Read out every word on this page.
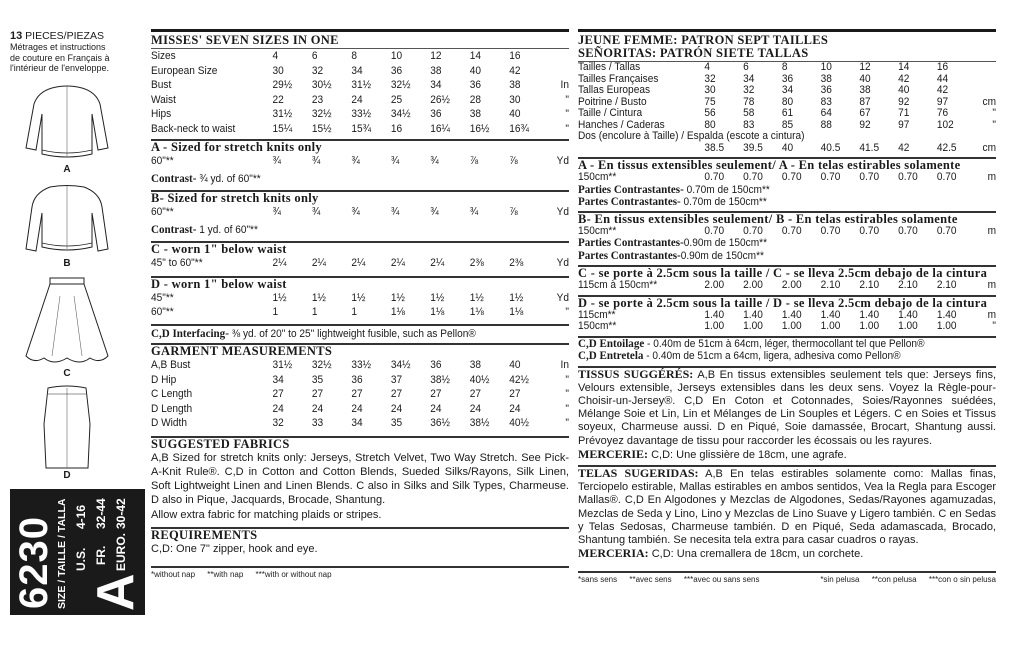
13 PIECES/PIEZAS
Métrages et instructions
de couture en Français à
l'intérieur de l'enveloppe.
A
B
C
D
6230 SIZE / TAILLE / TALLA A
U.S.
4-16
FR.
32-44
EURO.
30-42
MISSES' SEVEN SIZES IN ONE
Sizes	4	6	8	10	12	14	16	
European Size	30	32	34	36	38	40	42	
Bust	29½	30½	31½	32½	34	36	38	In
Waist	22	23	24	25	26½	28	30	"
Hips	31½	32½	33½	34½	36	38	40	"
Back-neck to waist	15¼	15½	15¾	16	16¼	16½	16¾	"
A - Sized for stretch knits only
60"**	¾	¾	¾	¾	¾	⅞	⅞	Yd
Contrast- ¾ yd. of 60"**
B- Sized for stretch knits only
60"**	¾	¾	¾	¾	¾	¾	⅞	Yd
Contrast- 1 yd. of 60"**
C - worn 1" below waist
45" to 60"**	2¼	2¼	2¼	2¼	2¼	2⅜	2⅜	Yd
D - worn 1" below waist
45"**	1½	1½	1½	1½	1½	1½	1½	Yd
60"**	1	1	1	1⅛	1⅛	1⅛	1⅛	"
C,D Interfacing- ⅜ yd. of 20" to 25" lightweight fusible, such as Pellon®
GARMENT MEASUREMENTS
A,B Bust	31½	32½	33½	34½	36	38	40	In
D Hip	34	35	36	37	38½	40½	42½	"
C Length	27	27	27	27	27	27	27	"
D Length	24	24	24	24	24	24	24	"
D Width	32	33	34	35	36½	38½	40½	"
SUGGESTED FABRICS
A,B Sized for stretch knits only: Jerseys, Stretch Velvet, Two Way Stretch. See Pick-A-Knit Rule®. C,D in Cotton and Cotton Blends, Sueded Silks/Rayons, Silk Linen, Soft Lightweight Linen and Linen Blends. C also in Silks and Silk Types, Charmeuse. D also in Pique, Jacquards, Brocade, Shantung.
Allow extra fabric for matching plaids or stripes.
REQUIREMENTS
C,D: One 7" zipper, hook and eye.
*without nap **with nap ***with or without nap
JEUNE FEMME: PATRON SEPT TAILLES
SEÑORITAS: PATRÓN SIETE TALLAS
Tailles / Tallas	4	6	8	10	12	14	16	
Tailles Françaises	32	34	36	38	40	42	44	
Tallas Europeas	30	32	34	36	38	40	42	
Poitrine / Busto	75	78	80	83	87	92	97	cm
Taille / Cintura	56	58	61	64	67	71	76	"
Hanches / Caderas	80	83	85	88	92	97	102	"
Dos (encolure à Taille) / Espalda (escote a cintura)
	38.5	39.5	40	40.5	41.5	42	42.5	cm
A - En tissus extensibles seulement/ A - En telas estirables solamente
150cm**	0.70	0.70	0.70	0.70	0.70	0.70	0.70	m
Parties Contrastantes- 0.70m de 150cm**
Partes Contrastantes- 0.70m de 150cm**
B- En tissus extensibles seulement/ B - En telas estirables solamente
150cm**	0.70	0.70	0.70	0.70	0.70	0.70	0.70	m
Parties Contrastantes-0.90m de 150cm**
Partes Contrastantes-0.90m de 150cm**
C - se porte à 2.5cm sous la taille / C - se lleva 2.5cm debajo de la cintura
115cm à 150cm**	2.00	2.00	2.00	2.10	2.10	2.10	2.10	m
D - se porte à 2.5cm sous la taille / D - se lleva 2.5cm debajo de la cintura
115cm**	1.40	1.40	1.40	1.40	1.40	1.40	1.40	m
150cm**	1.00	1.00	1.00	1.00	1.00	1.00	1.00	"
C,D Entoilage - 0.40m de 51cm à 64cm, léger, thermocollant tel que Pellon®
C,D Entretela - 0.40m de 51cm a 64cm, ligera, adhesiva como Pellon®
TISSUS SUGGÉRÉS: A,B En tissus extensibles seulement tels que: Jerseys fins, Velours extensible, Jerseys extensibles dans les deux sens. Voyez la Règle-pour-Choisir-un-Jersey®. C,D En Coton et Cotonnades, Soies/Rayonnes suédées, Mélange Soie et Lin, Lin et Mélanges de Lin Souples et Légers. C en Soies et Tissus soyeux, Charmeuse aussi. D en Piqué, Soie damassée, Brocart, Shantung aussi. Prévoyez davantage de tissu pour raccorder les écossais ou les rayures.
MERCERIE: C,D: Une glissière de 18cm, une agrafe.
TELAS SUGERIDAS: A,B En telas estirables solamente como: Mallas finas, Terciopelo estirable, Mallas estirables en ambos sentidos, Vea la Regla para Escoger Mallas®. C,D En Algodones y Mezclas de Algodones, Sedas/Rayones agamuzadas, Mezclas de Seda y Lino, Lino y Mezclas de Lino Suave y Ligero también. C en Sedas y Telas Sedosas, Charmeuse también. D en Piqué, Seda adamascada, Brocado, Shantung también. Se necesita tela extra para casar cuadros o rayas.
MERCERIA: C,D: Una cremallera de 18cm, un corchete.
*sans sens **avec sens ***avec ou sans sens	*sin pelusa **con pelusa ***con o sin pelusa
